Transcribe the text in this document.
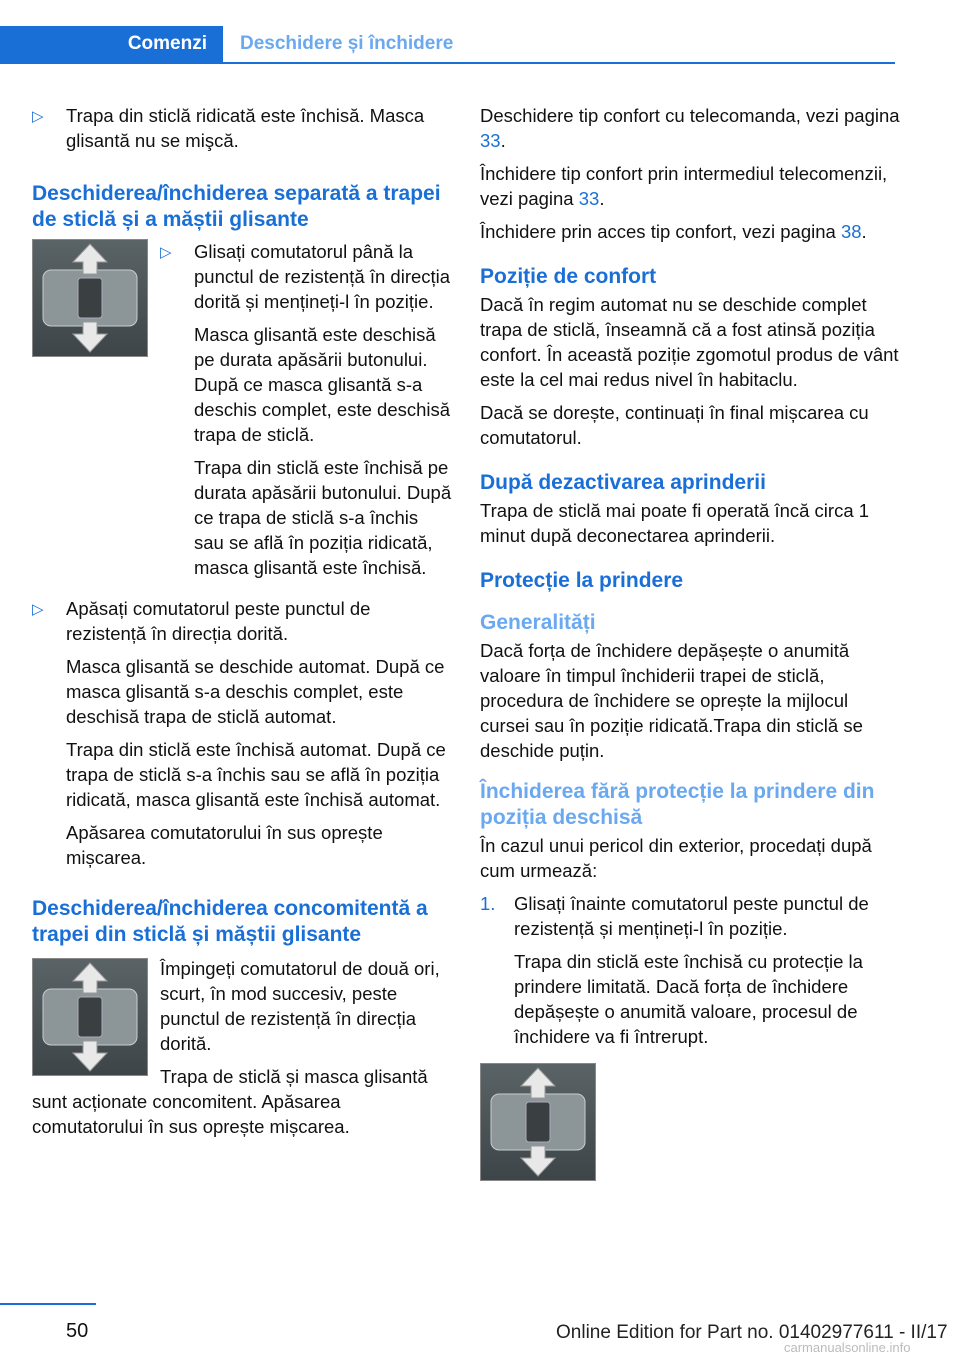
Comenzi Deschidere și închidere
▷ Trapa din sticlă ridicată este închisă. Masca glisantă nu se mişcă.

Deschiderea/închiderea separată a trapei de sticlă și a măștii glisante
▷ Glisați comutatorul până la punctul de rezistență în direcția dorită și mențineți-l în poziție.

Masca glisantă este deschisă pe durata apăsării butonului. După ce masca glisantă s-a deschis complet, este deschisă trapa de sticlă.

Trapa din sticlă este închisă pe durata apăsării butonului. După ce trapa de sticlă s-a închis sau se află în poziția ridicată, masca glisantă este închisă.

▷ Apăsați comutatorul peste punctul de rezistență în direcția dorită.

Masca glisantă se deschide automat. După ce masca glisantă s-a deschis complet, este deschisă trapa de sticlă automat.

Trapa din sticlă este închisă automat. După ce trapa de sticlă s-a închis sau se află în poziția ridicată, masca glisantă este închisă automat.

Apăsarea comutatorului în sus oprește mișcarea.

Deschiderea/închiderea concomitentă a trapei din sticlă și măștii glisante

Împingeți comutatorul de două ori, scurt, în mod succesiv, peste punctul de rezistență în direcția dorită.

Trapa de sticlă și masca glisantă sunt acționate concomitent. Apăsarea comutatorului în sus oprește mișcarea.

Deschidere tip confort cu telecomanda, vezi pagina 33.

Închidere tip confort prin intermediul telecomenzii, vezi pagina 33.

Închidere prin acces tip confort, vezi pagina 38.

Poziție de confort

Dacă în regim automat nu se deschide complet trapa de sticlă, înseamnă că a fost atinsă poziția confort. În această poziție zgomotul produs de vânt este la cel mai redus nivel în habitaclu.

Dacă se dorește, continuați în final mișcarea cu comutatorul.

După dezactivarea aprinderii

Trapa de sticlă mai poate fi operată încă circa 1 minut după deconectarea aprinderii.

Protecție la prindere
Generalități

Dacă forța de închidere depășește o anumită valoare în timpul închiderii trapei de sticlă, procedura de închidere se oprește la mijlocul cursei sau în poziție ridicată.Trapa din sticlă se deschide puțin.

Închiderea fără protecție la prindere din poziția deschisă

În cazul unui pericol din exterior, procedați după cum urmează:

1. Glisați înainte comutatorul peste punctul de rezistență și mențineți-l în poziție.

Trapa din sticlă este închisă cu protecție la prindere limitată. Dacă forța de închidere depășește o anumită valoare, procesul de închidere va fi întrerupt.

50	Online Edition for Part no. 01402977611 - II/17
carmanualsonline.info
